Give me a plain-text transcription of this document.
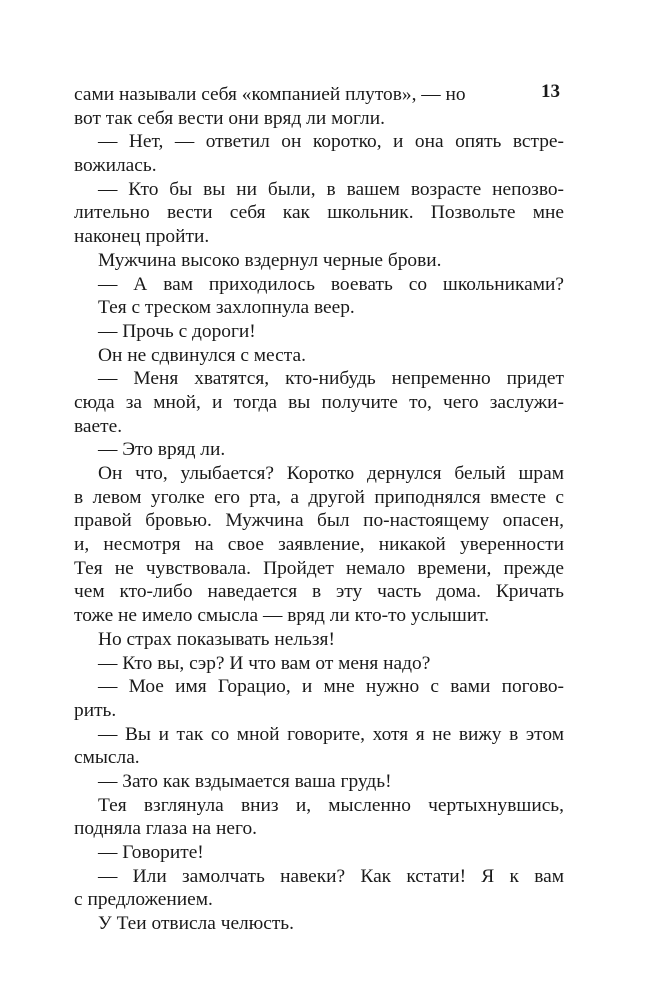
13
сами называли себя «компанией плутов», — но
вот так себя вести они вряд ли могли.
— Нет, — ответил он коротко, и она опять встре-
вожилась.
— Кто бы вы ни были, в вашем возрасте непозво-
лительно вести себя как школьник. Позвольте мне
наконец пройти.
Мужчина высоко вздернул черные брови.
— А вам приходилось воевать со школьниками?
Тея с треском захлопнула веер.
— Прочь с дороги!
Он не сдвинулся с места.
— Меня хватятся, кто-нибудь непременно придет
сюда за мной, и тогда вы получите то, чего заслужи-
ваете.
— Это вряд ли.
Он что, улыбается? Коротко дернулся белый шрам
в левом уголке его рта, а другой приподнялся вместе с
правой бровью. Мужчина был по-настоящему опасен,
и, несмотря на свое заявление, никакой уверенности
Тея не чувствовала. Пройдет немало времени, прежде
чем кто-либо наведается в эту часть дома. Кричать
тоже не имело смысла — вряд ли кто-то услышит.
Но страх показывать нельзя!
— Кто вы, сэр? И что вам от меня надо?
— Мое имя Горацио, и мне нужно с вами погово-
рить.
— Вы и так со мной говорите, хотя я не вижу в этом
смысла.
— Зато как вздымается ваша грудь!
Тея взглянула вниз и, мысленно чертыхнувшись,
подняла глаза на него.
— Говорите!
— Или замолчать навеки? Как кстати! Я к вам
с предложением.
У Теи отвисла челюсть.
